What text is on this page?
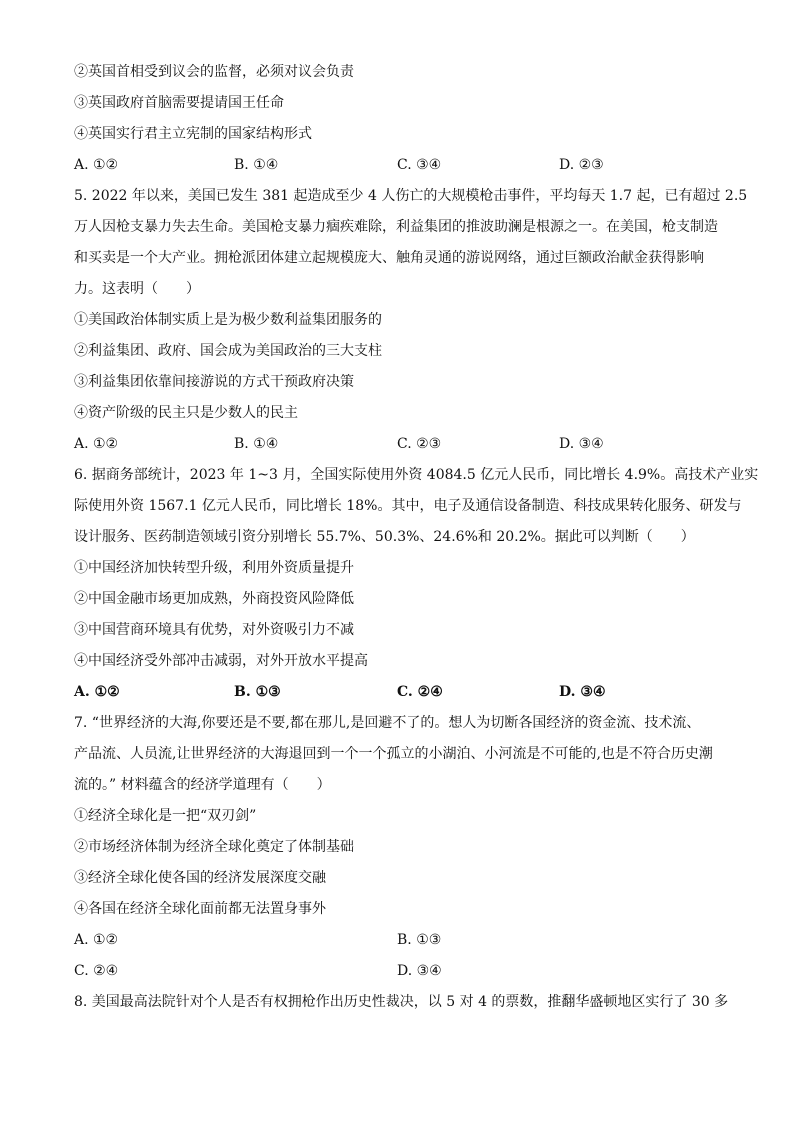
②英国首相受到议会的监督，必须对议会负责

③英国政府首脑需要提请国王任命

④英国实行君主立宪制的国家结构形式

A. ①②	B. ①④	C. ③④	D. ②③

5. 2022 年以来，美国已发生 381 起造成至少 4 人伤亡的大规模枪击事件，平均每天 1.7 起，已有超过 2.5

万人因枪支暴力失去生命。美国枪支暴力痼疾难除，利益集团的推波助澜是根源之一。在美国，枪支制造

和买卖是一个大产业。拥枪派团体建立起规模庞大、触角灵通的游说网络，通过巨额政治献金获得影响

力。这表明（　　）

①美国政治体制实质上是为极少数利益集团服务的

②利益集团、政府、国会成为美国政治的三大支柱

③利益集团依靠间接游说的方式干预政府决策

④资产阶级的民主只是少数人的民主

A. ①②	B. ①④	C. ②③	D. ③④

6. 据商务部统计，2023 年 1~3 月，全国实际使用外资 4084.5 亿元人民币，同比增长 4.9%。高技术产业实

际使用外资 1567.1 亿元人民币，同比增长 18%。其中，电子及通信设备制造、科技成果转化服务、研发与

设计服务、医药制造领域引资分别增长 55.7%、50.3%、24.6%和 20.2%。据此可以判断（　　）

①中国经济加快转型升级，利用外资质量提升

②中国金融市场更加成熟，外商投资风险降低

③中国营商环境具有优势，对外资吸引力不减

④中国经济受外部冲击减弱，对外开放水平提高

A. ①②	B. ①③	C. ②④	D. ③④

7. “世界经济的大海,你要还是不要,都在那儿,是回避不了的。想人为切断各国经济的资金流、技术流、

产品流、人员流,让世界经济的大海退回到一个一个孤立的小湖泊、小河流是不可能的,也是不符合历史潮

流的。” 材料蕴含的经济学道理有（　　）

①经济全球化是一把“双刃剑”

②市场经济体制为经济全球化奠定了体制基础

③经济全球化使各国的经济发展深度交融

④各国在经济全球化面前都无法置身事外

A. ①②	B. ①③
C. ②④	D. ③④

8. 美国最高法院针对个人是否有权拥枪作出历史性裁决，以 5 对 4 的票数，推翻华盛顿地区实行了 30 多
